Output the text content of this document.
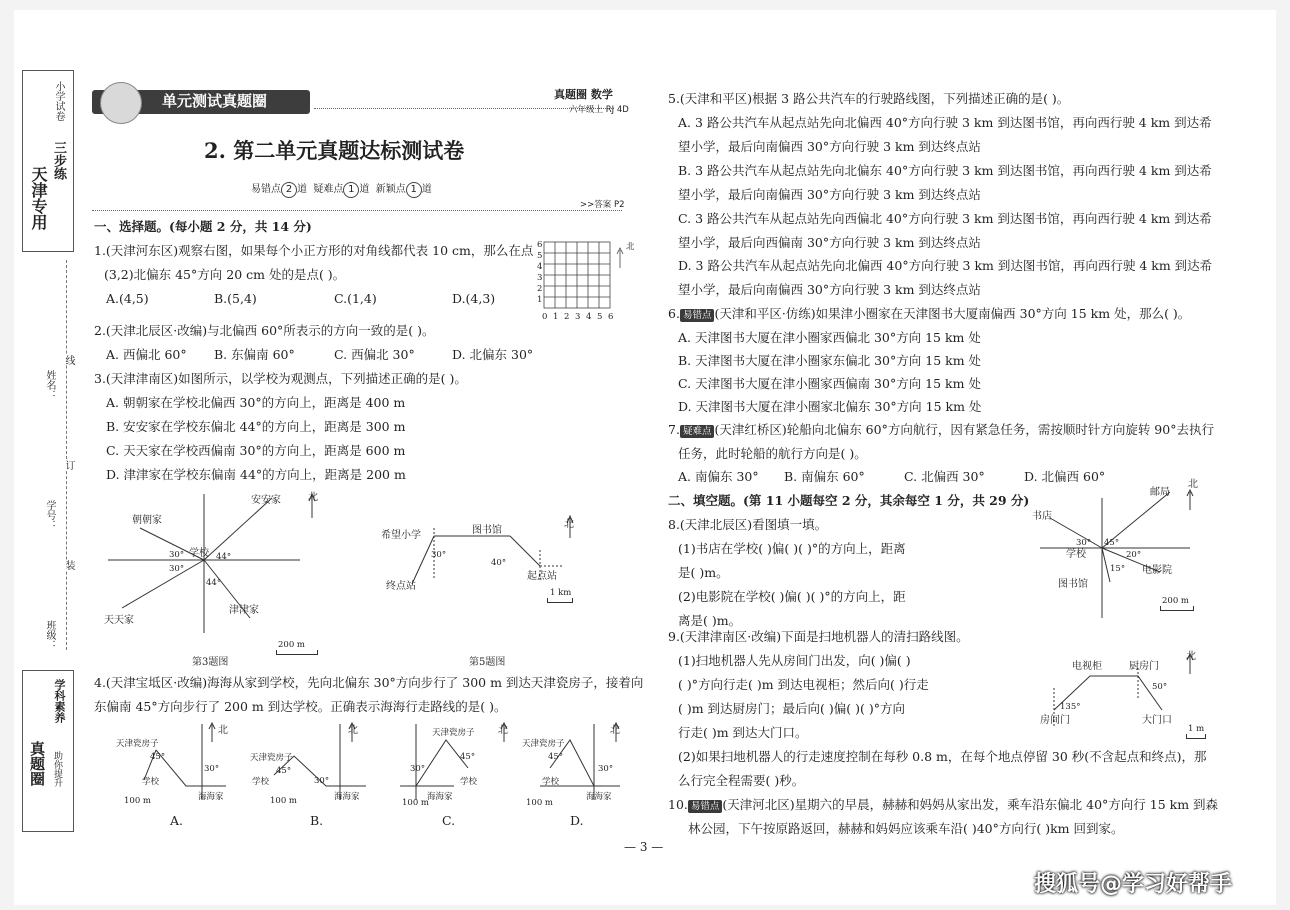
天津专用
小学试卷
三步练
班级：
姓名：
学号：
装
订
线
真题圈
学科素养
助你提升
单元测试真题圈	真题圈 数学
六年级上 RJ 4D
2. 第二单元真题达标测试卷
易错点 2 道 疑难点 1 道 新颖点 1 道
>>答案 P2
一、选择题。(每小题 2 分，共 14 分)
1.(天津河东区)观察右图，如果每个小正方形的对角线都代表 10 cm，那么在点
(3,2)北偏东 45°方向 20 cm 处的是点( )。
A.(4,5)	B.(5,4)	C.(1,4)	D.(4,3)
6
5
4
3
2
1
0 1 2 3 4 5 6
北
2.(天津北辰区·改编)与北偏西 60°所表示的方向一致的是( )。
A. 西偏北 60° B. 东偏南 60°	C. 西偏北 30°	D. 北偏东 30°
3.(天津津南区)如图所示，以学校为观测点，下列描述正确的是( )。
A. 朝朝家在学校北偏西 30°的方向上，距离是 400 m
B. 安安家在学校东偏北 44°的方向上，距离是 300 m
C. 天天家在学校西偏南 30°的方向上，距离是 600 m
D. 津津家在学校东偏南 44°的方向上，距离是 200 m
北
学校
朝朝家
安安家
天天家
津津家
30°
30°
44°
44°
200 m
第3题图
北
希望小学	图书馆
终点站
起点站
30°
40°
1 km
第5题图
4.(天津宝坻区·改编)海海从家到学校，先向北偏东 30°方向步行了 300 m 到达天津瓷房子，接着向
东偏南 45°方向步行了 200 m 到达学校。正确表示海海行走路线的是( )。
天津瓷房子
45°
30°
学校
海海家
北
100 m
A.
天津瓷房子
45°
30°
学校
海海家
北
100 m
B.
天津瓷房子
45°
30°
学校
海海家
北
100 m
C.
天津瓷房子
45°
30°
学校
海海家
北
100 m
D.
5.(天津和平区)根据 3 路公共汽车的行驶路线图，下列描述正确的是( )。
A. 3 路公共汽车从起点站先向北偏西 40°方向行驶 3 km 到达图书馆，再向西行驶 4 km 到达希
望小学，最后向南偏西 30°方向行驶 3 km 到达终点站
B. 3 路公共汽车从起点站先向北偏东 40°方向行驶 3 km 到达图书馆，再向西行驶 4 km 到达希
望小学，最后向南偏西 30°方向行驶 3 km 到达终点站
C. 3 路公共汽车从起点站先向西偏北 40°方向行驶 3 km 到达图书馆，再向西行驶 4 km 到达希
望小学，最后向西偏南 30°方向行驶 3 km 到达终点站
D. 3 路公共汽车从起点站先向北偏西 40°方向行驶 3 km 到达图书馆，再向西行驶 4 km 到达希
望小学，最后向南偏西 30°方向行驶 3 km 到达终点站
6. 易错点 (天津和平区·仿练)如果津小圈家在天津图书大厦南偏西 30°方向 15 km 处，那么( )。
A. 天津图书大厦在津小圈家西偏北 30°方向 15 km 处
B. 天津图书大厦在津小圈家东偏北 30°方向 15 km 处
C. 天津图书大厦在津小圈家西偏南 30°方向 15 km 处
D. 天津图书大厦在津小圈家北偏东 30°方向 15 km 处
7. 疑难点 (天津红桥区)轮船向北偏东 60°方向航行，因有紧急任务，需按顺时针方向旋转 90°去执行
任务，此时轮船的航行方向是( )。
A. 南偏东 30° B. 南偏东 60°	C. 北偏西 30°	D. 北偏西 60°
二、填空题。(第 11 小题每空 2 分，其余每空 1 分，共 29 分)
8.(天津北辰区)看图填一填。
(1)书店在学校( )偏( )( )°的方向上，距离
是( )m。
(2)电影院在学校( )偏( )( )°的方向上，距
离是( )m。
北
邮局
书店
学校
电影院
图书馆
30° 45°
20°
15°
200 m
9.(天津津南区·改编)下面是扫地机器人的清扫路线图。
(1)扫地机器人先从房间门出发，向( )偏( )
( )°方向行走( )m 到达电视柜；然后向( )行走
( )m 到达厨房门；最后向( )偏( )( )°方向
行走( )m 到达大门口。
(2)如果扫地机器人的行走速度控制在每秒 0.8 m，在每个地点停留 30 秒(不含起点和终点)，那
么行完全程需要( )秒。
北
电视柜	厨房门
房间门	大门口
135°
50°
1 m
10. 易错点 (天津河北区)星期六的早晨，赫赫和妈妈从家出发，乘车沿东偏北 40°方向行 15 km 到森
林公园，下午按原路返回，赫赫和妈妈应该乘车沿( )40°方向行( )km 回到家。
— 3 —
搜狐号@学习好帮手
